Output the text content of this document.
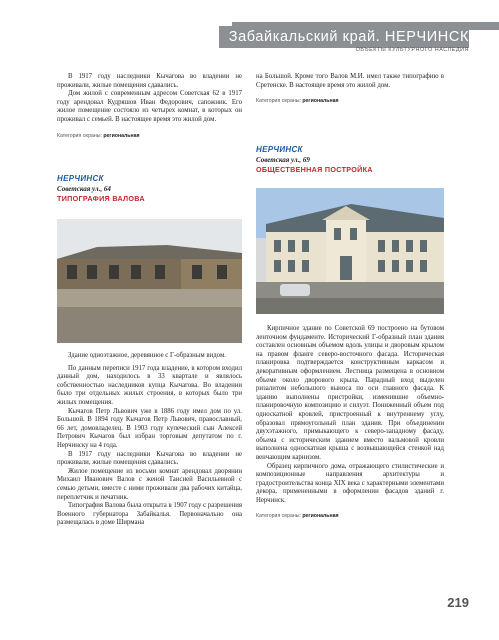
Забайкальский край. НЕРЧИНСК
ОБЪЕКТЫ КУЛЬТУРНОГО НАСЛЕДИЯ

В 1917 году наследники Кычагова во владении не проживали, жилые помещения сдавались.

Дом жилой с современным адресом Советская 62 в 1917 году арендовал Кудряшов Иван Федорович, сапожник. Его жилое помещение состояло из четырех комнат, в которых он проживал с семьей. В настоящее время это жилой дом.

Категория охраны: региональная
НЕРЧИНСК
Советская ул., 64
ТИПОГРАФИЯ ВАЛОВА

Здание одноэтажное, деревянное с Г-образным видом.

По данным переписи 1917 года владение, в котором входил данный дом, находилось в 33 квартале и являлось собственностью наследников купца Кычагова. Во владении было три отдельных жилых строения, в которых было три жилых помещения.

Кычагов Петр Львович уже в 1886 году имел дом по ул. Большой. В 1894 году Кычагов Петр Львович, православный, 66 лет, домовладелец. В 1903 году купеческий сын Алексей Петрович Кычагов был избран торговым депутатом по г. Нерчинску на 4 года.

В 1917 году наследники Кычагова во владении не проживали, жилые помещения сдавались.

Жилое помещение из восьми комнат арендовал дворянин Михаил Иванович Валов с женой Таисией Васильевной с семью детьми, вместе с ними проживали два рабочих китайца, переплетчик и печатник.

Типография Валова была открыта в 1907 году с разрешения Военного губернатора Забайкалья. Первоначально она размещалась в доме Ширмана

на Большой. Кроме того Валов М.И. имел также типографию в Сретенске. В настоящее время это жилой дом.

Категория охраны: региональная
НЕРЧИНСК
Советская ул., 69
ОБЩЕСТВЕННАЯ ПОСТРОЙКА

Кирпичное здание по Советской 69 построено на бутовом ленточном фундаменте. Исторический Г-образный план здания составлен основным объемом вдоль улицы и дворовым крылом на правом фланге северо-восточного фасада. Историческая планировка подтверждается конструктивным каркасом и декоративным оформлением. Лестница размещена в основном объеме около дворового крыла. Парадный вход выделен ризалитом небольшого выноса по оси главного фасада. К зданию выполнены пристройки, изменившие объемно-планировочную композицию и силуэт. Пониженный объем под односкатной кровлей, пристроенный к внутреннему углу, образовал прямоугольный план здания. При объединении двухэтажного, примыкающего к северо-западному фасаду, объема с историческим зданием вместо вальмовой кровли выполнена односкатная крыша с возвышающейся стенкой над венчающим карнизом.

Образец кирпичного дома, отражающего стилистические и композиционные направления архитектуры и градостроительства конца XIX века с характерными элементами декора, примененными в оформлении фасадов зданий г. Нерчинск.

Категория охраны: региональная
219
